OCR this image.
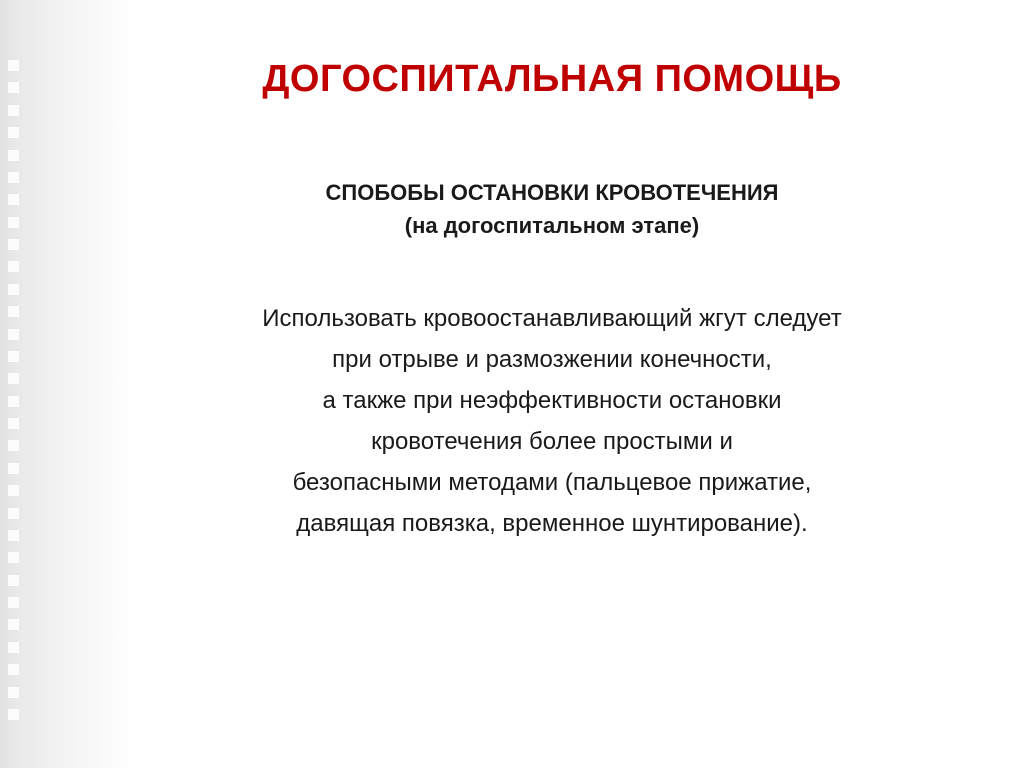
ДОГОСПИТАЛЬНАЯ ПОМОЩЬ
СПОБОБЫ ОСТАНОВКИ КРОВОТЕЧЕНИЯ
(на догоспитальном этапе)
Использовать кровоостанавливающий жгут следует
при отрыве и размозжении конечности,
а также при неэффективности остановки
кровотечения более простыми и
безопасными методами (пальцевое прижатие,
давящая повязка, временное шунтирование).
